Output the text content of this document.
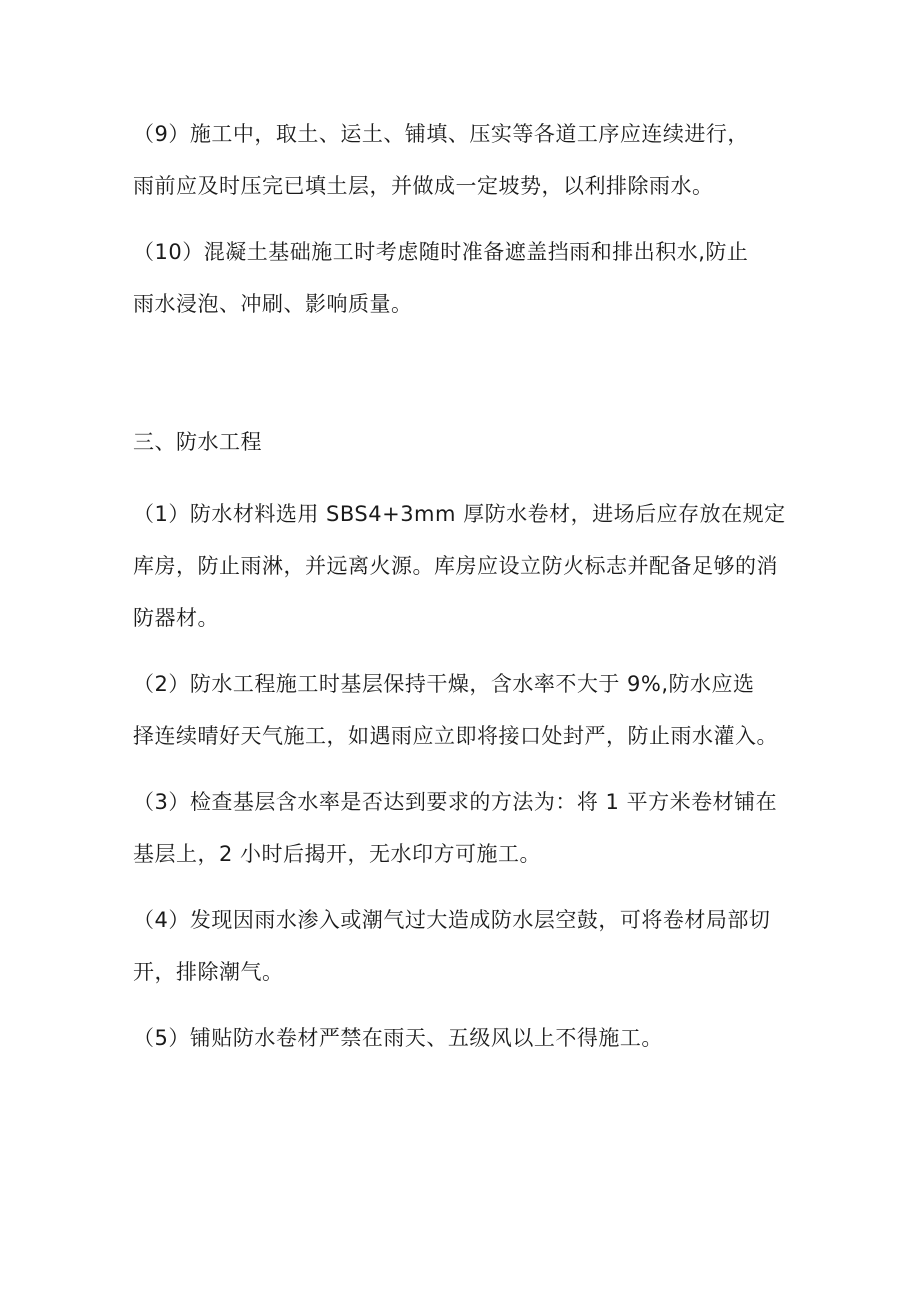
（9）施工中，取土、运土、铺填、压实等各道工序应连续进行，
雨前应及时压完已填土层，并做成一定坡势，以利排除雨水。

（10）混凝土基础施工时考虑随时准备遮盖挡雨和排出积水,防止
雨水浸泡、冲刷、影响质量。

三、防水工程

（1）防水材料选用 SBS4+3mm 厚防水卷材，进场后应存放在规定
库房，防止雨淋，并远离火源。库房应设立防火标志并配备足够的消
防器材。

（2）防水工程施工时基层保持干燥，含水率不大于 9%,防水应选
择连续晴好天气施工，如遇雨应立即将接口处封严，防止雨水灌入。

（3）检查基层含水率是否达到要求的方法为：将 1 平方米卷材铺在
基层上，2 小时后揭开，无水印方可施工。

（4）发现因雨水渗入或潮气过大造成防水层空鼓，可将卷材局部切
开，排除潮气。

（5）铺贴防水卷材严禁在雨天、五级风以上不得施工。
